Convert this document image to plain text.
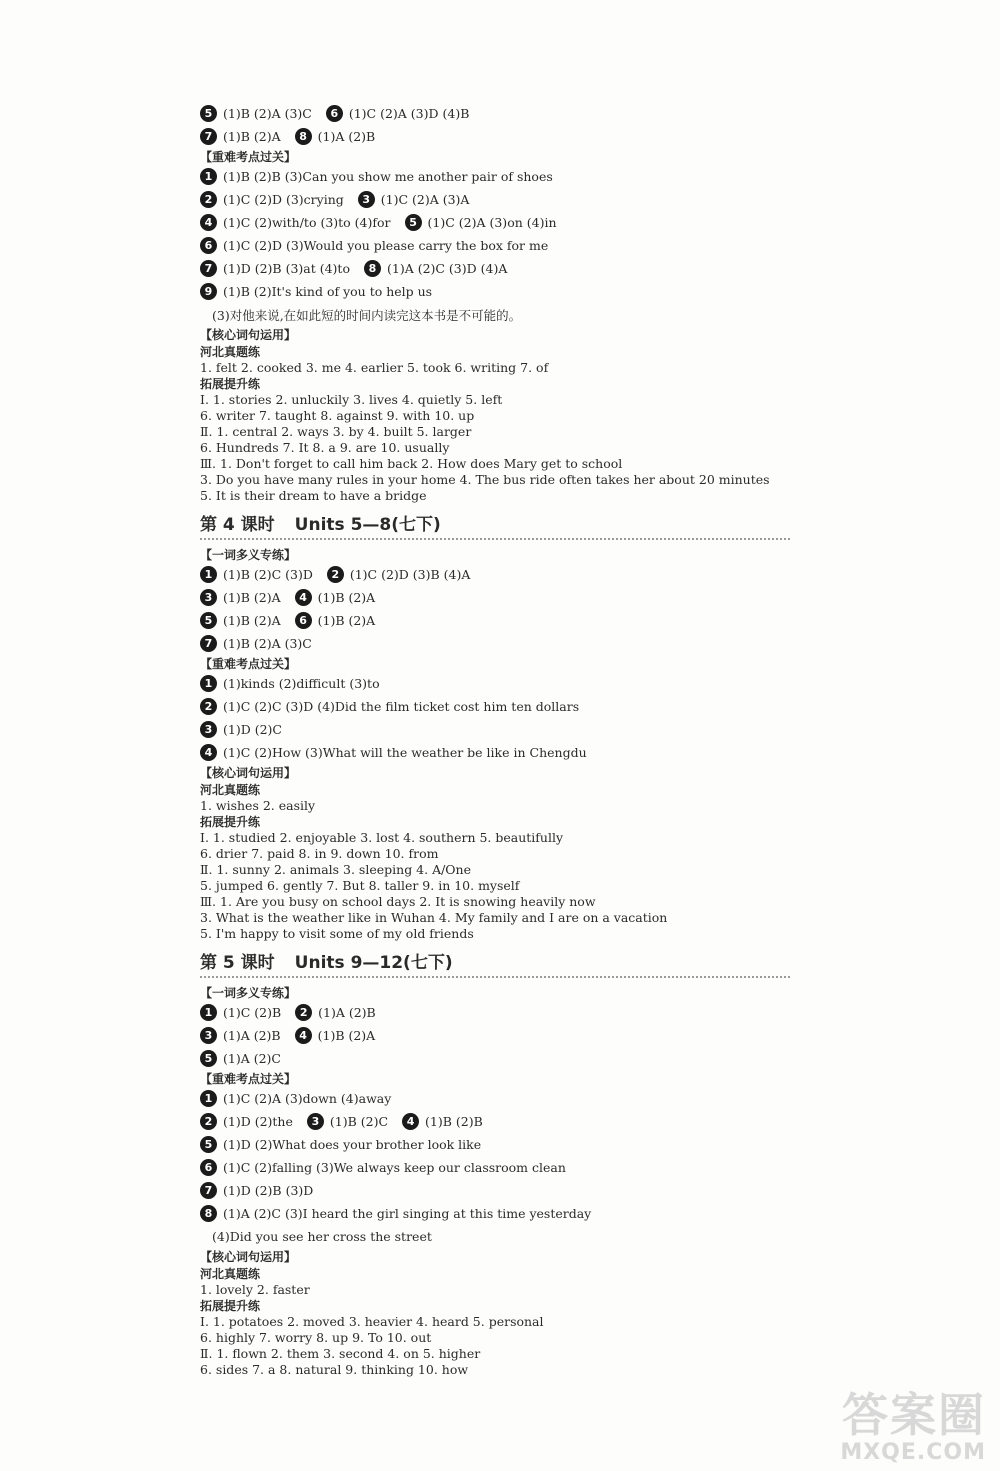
5 (1)B (2)A (3)C	6 (1)C (2)A (3)D (4)B
7 (1)B (2)A	8 (1)A (2)B
【重难考点过关】
1 (1)B (2)B (3)Can you show me another pair of shoes
2 (1)C (2)D (3)crying	3 (1)C (2)A (3)A
4 (1)C (2)with/to (3)to (4)for	5 (1)C (2)A (3)on (4)in
6 (1)C (2)D (3)Would you please carry the box for me
7 (1)D (2)B (3)at (4)to	8 (1)A (2)C (3)D (4)A
9 (1)B (2)It's kind of you to help us
(3)对他来说,在如此短的时间内读完这本书是不可能的。
【核心词句运用】
河北真题练
1. felt 2. cooked 3. me 4. earlier 5. took 6. writing 7. of
拓展提升练
Ⅰ. 1. stories 2. unluckily 3. lives 4. quietly 5. left
6. writer 7. taught 8. against 9. with 10. up
Ⅱ. 1. central 2. ways 3. by 4. built 5. larger
6. Hundreds 7. It 8. a 9. are 10. usually
Ⅲ. 1. Don't forget to call him back 2. How does Mary get to school
3. Do you have many rules in your home 4. The bus ride often takes her about 20 minutes
5. It is their dream to have a bridge
第 4 课时 Units 5—8(七下)
【一词多义专练】
1 (1)B (2)C (3)D	2 (1)C (2)D (3)B (4)A
3 (1)B (2)A	4 (1)B (2)A
5 (1)B (2)A	6 (1)B (2)A
7 (1)B (2)A (3)C
【重难考点过关】
1 (1)kinds (2)difficult (3)to
2 (1)C (2)C (3)D (4)Did the film ticket cost him ten dollars
3 (1)D (2)C
4 (1)C (2)How (3)What will the weather be like in Chengdu
【核心词句运用】
河北真题练
1. wishes 2. easily
拓展提升练
Ⅰ. 1. studied 2. enjoyable 3. lost 4. southern 5. beautifully
6. drier 7. paid 8. in 9. down 10. from
Ⅱ. 1. sunny 2. animals 3. sleeping 4. A/One
5. jumped 6. gently 7. But 8. taller 9. in 10. myself
Ⅲ. 1. Are you busy on school days 2. It is snowing heavily now
3. What is the weather like in Wuhan 4. My family and I are on a vacation
5. I'm happy to visit some of my old friends
第 5 课时 Units 9—12(七下)
【一词多义专练】
1 (1)C (2)B	2 (1)A (2)B
3 (1)A (2)B	4 (1)B (2)A
5 (1)A (2)C
【重难考点过关】
1 (1)C (2)A (3)down (4)away
2 (1)D (2)the	3 (1)B (2)C	4 (1)B (2)B
5 (1)D (2)What does your brother look like
6 (1)C (2)falling (3)We always keep our classroom clean
7 (1)D (2)B (3)D
8 (1)A (2)C (3)I heard the girl singing at this time yesterday
(4)Did you see her cross the street
【核心词句运用】
河北真题练
1. lovely 2. faster
拓展提升练
Ⅰ. 1. potatoes 2. moved 3. heavier 4. heard 5. personal
6. highly 7. worry 8. up 9. To 10. out
Ⅱ. 1. flown 2. them 3. second 4. on 5. higher
6. sides 7. a 8. natural 9. thinking 10. how
答案圈
MXQE.COM
